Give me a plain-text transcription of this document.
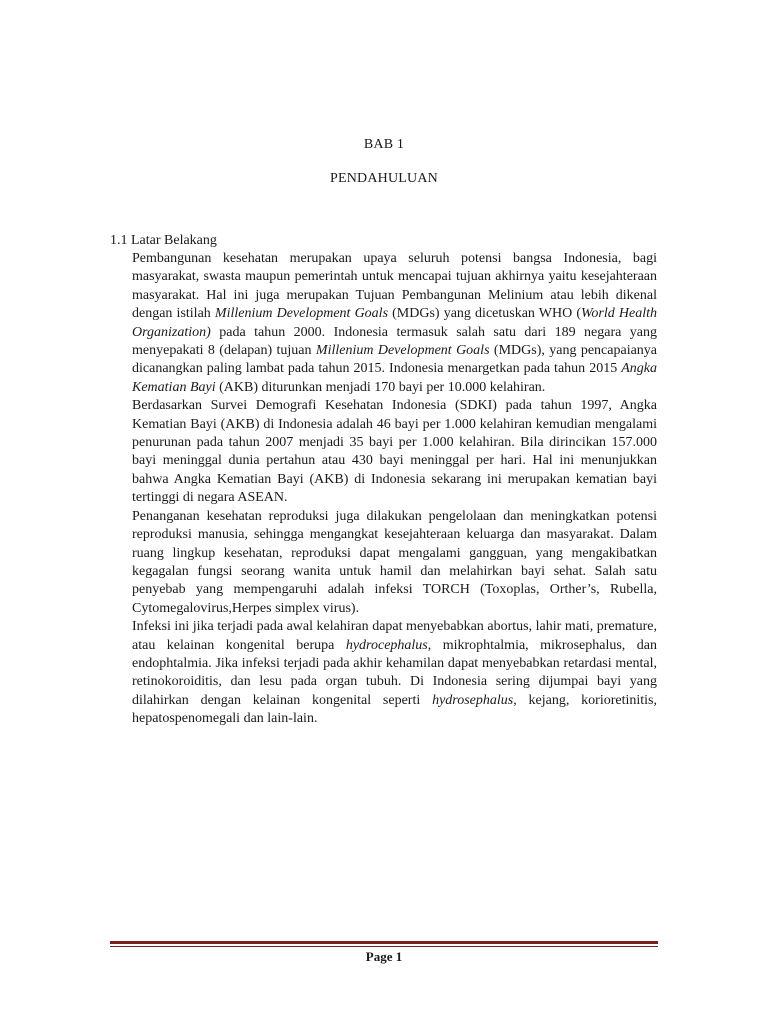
BAB 1
PENDAHULUAN
1.1 Latar Belakang

Pembangunan kesehatan merupakan upaya seluruh potensi bangsa Indonesia, bagi masyarakat, swasta maupun pemerintah untuk mencapai tujuan akhirnya yaitu kesejahteraan masyarakat. Hal ini juga merupakan Tujuan Pembangunan Melinium atau lebih dikenal dengan istilah Millenium Development Goals (MDGs) yang dicetuskan WHO (World Health Organization) pada tahun 2000. Indonesia termasuk salah satu dari 189 negara yang menyepakati 8 (delapan) tujuan Millenium Development Goals (MDGs), yang pencapaianya dicanangkan paling lambat pada tahun 2015. Indonesia menargetkan pada tahun 2015 Angka Kematian Bayi (AKB) diturunkan menjadi 170 bayi per 10.000 kelahiran.

Berdasarkan Survei Demografi Kesehatan Indonesia (SDKI) pada tahun 1997, Angka Kematian Bayi (AKB) di Indonesia adalah 46 bayi per 1.000 kelahiran kemudian mengalami penurunan pada tahun 2007 menjadi 35 bayi per 1.000 kelahiran. Bila dirincikan 157.000 bayi meninggal dunia pertahun atau 430 bayi meninggal per hari. Hal ini menunjukkan bahwa Angka Kematian Bayi (AKB) di Indonesia sekarang ini merupakan kematian bayi tertinggi di negara ASEAN.

Penanganan kesehatan reproduksi juga dilakukan pengelolaan dan meningkatkan potensi reproduksi manusia, sehingga mengangkat kesejahteraan keluarga dan masyarakat. Dalam ruang lingkup kesehatan, reproduksi dapat mengalami gangguan, yang mengakibatkan kegagalan fungsi seorang wanita untuk hamil dan melahirkan bayi sehat. Salah satu penyebab yang mempengaruhi adalah infeksi TORCH (Toxoplas, Orther’s, Rubella, Cytomegalovirus,Herpes simplex virus).

Infeksi ini jika terjadi pada awal kelahiran dapat menyebabkan abortus, lahir mati, premature, atau kelainan kongenital berupa hydrocephalus, mikrophtalmia, mikrosephalus, dan endophtalmia. Jika infeksi terjadi pada akhir kehamilan dapat menyebabkan retardasi mental, retinokoroiditis, dan lesu pada organ tubuh. Di Indonesia sering dijumpai bayi yang dilahirkan dengan kelainan kongenital seperti hydrosephalus, kejang, korioretinitis, hepatospenomegali dan lain-lain.

Page 1
